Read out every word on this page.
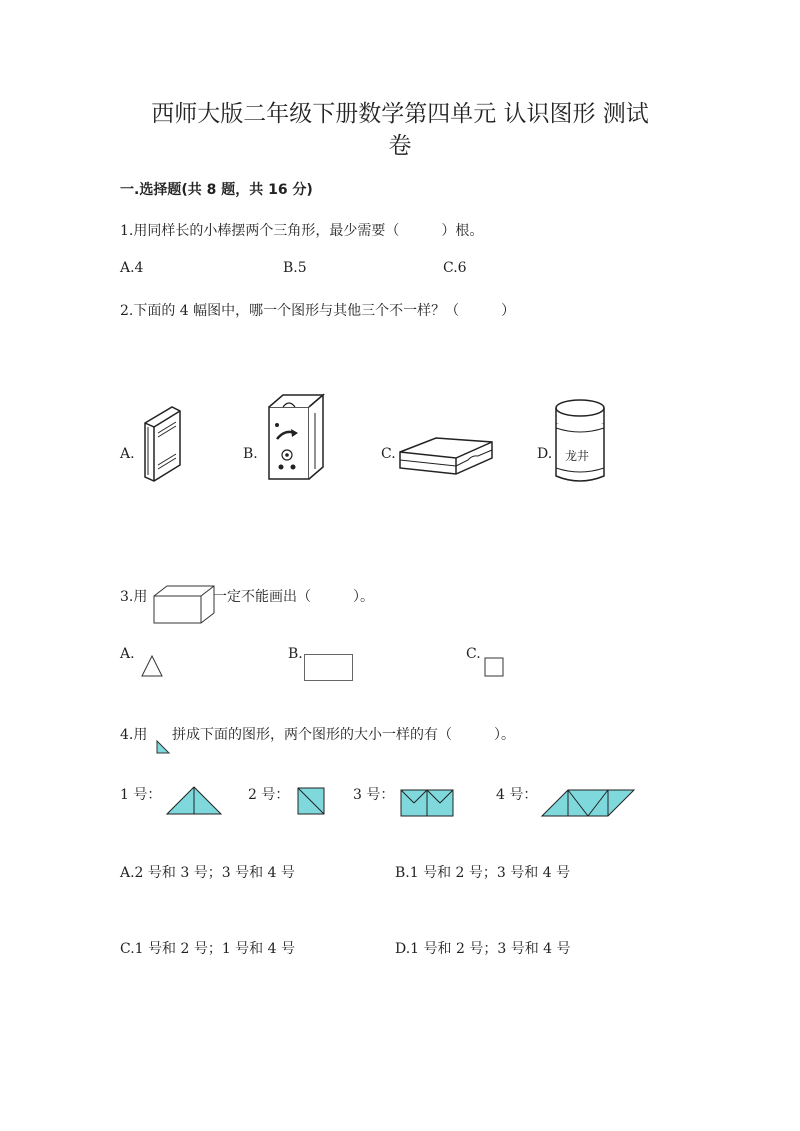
西师大版二年级下册数学第四单元 认识图形 测试
卷
一.选择题(共 8 题，共 16 分)
1.用同样长的小棒摆两个三角形，最少需要（　　　）根。
A.4	B.5	C.6
2.下面的 4 幅图中，哪一个图形与其他三个不一样？（　　　）
A.	B.	C.	D. 龙井
3.用	一定不能画出（　　　）。
A.	B.	C.
4.用 拼成下面的图形，两个图形的大小一样的有（　　　）。
1 号：	2 号：	3 号：	4 号：
A.2 号和 3 号；3 号和 4 号	B.1 号和 2 号；3 号和 4 号
C.1 号和 2 号；1 号和 4 号	D.1 号和 2 号；3 号和 4 号
